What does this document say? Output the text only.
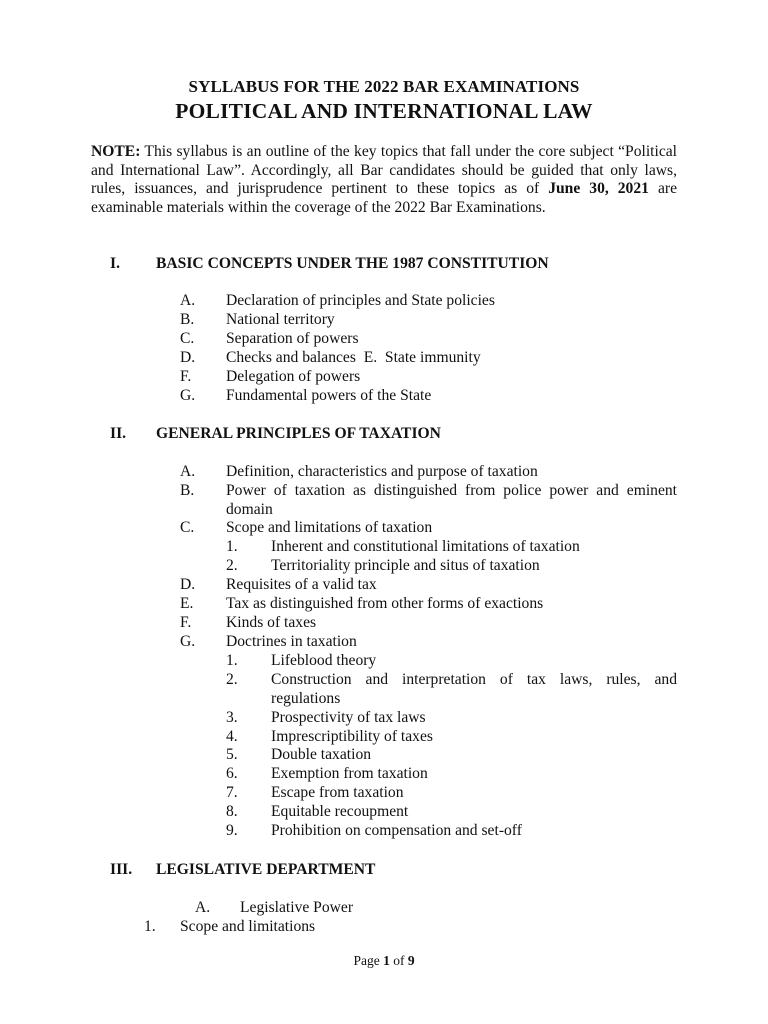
SYLLABUS FOR THE 2022 BAR EXAMINATIONS
POLITICAL AND INTERNATIONAL LAW
NOTE: This syllabus is an outline of the key topics that fall under the core subject “Political and International Law”. Accordingly, all Bar candidates should be guided that only laws, rules, issuances, and jurisprudence pertinent to these topics as of June 30, 2021 are examinable materials within the coverage of the 2022 Bar Examinations.
I. BASIC CONCEPTS UNDER THE 1987 CONSTITUTION
A. Declaration of principles and State policies
B. National territory
C. Separation of powers
D. Checks and balances  E.  State immunity
F. Delegation of powers
G. Fundamental powers of the State
II. GENERAL PRINCIPLES OF TAXATION
A. Definition, characteristics and purpose of taxation
B. Power of taxation as distinguished from police power and eminent domain
C. Scope and limitations of taxation
1. Inherent and constitutional limitations of taxation
2. Territoriality principle and situs of taxation
D. Requisites of a valid tax
E. Tax as distinguished from other forms of exactions
F. Kinds of taxes
G. Doctrines in taxation
1. Lifeblood theory
2. Construction and interpretation of tax laws, rules, and regulations
3. Prospectivity of tax laws
4. Imprescriptibility of taxes
5. Double taxation
6. Exemption from taxation
7. Escape from taxation
8. Equitable recoupment
9. Prohibition on compensation and set-off
III. LEGISLATIVE DEPARTMENT
A. Legislative Power
1. Scope and limitations
Page 1 of 9
